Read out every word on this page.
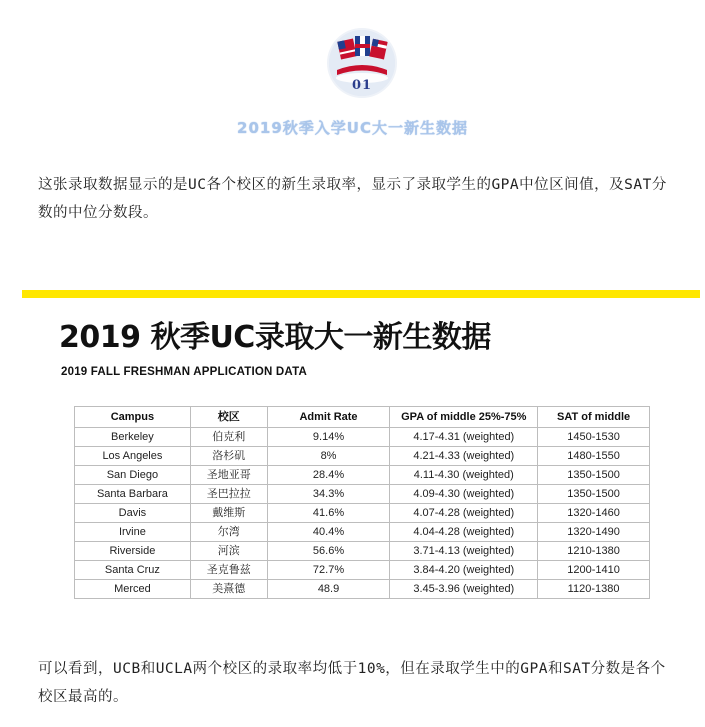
01
2019秋季入学UC大一新生数据
这张录取数据显示的是UC各个校区的新生录取率，显示了录取学生的GPA中位区间值，及SAT分数的中位分数段。
2019 秋季UC录取大一新生数据
2019 FALL FRESHMAN APPLICATION DATA
Campus	校区	Admit Rate	GPA of middle 25%-75%	SAT of middle
Berkeley	伯克利	9.14%	4.17-4.31 (weighted)	1450-1530
Los Angeles	洛杉矶	8%	4.21-4.33 (weighted)	1480-1550
San Diego	圣地亚哥	28.4%	4.11-4.30 (weighted)	1350-1500
Santa Barbara	圣巴拉拉	34.3%	4.09-4.30 (weighted)	1350-1500
Davis	戴维斯	41.6%	4.07-4.28 (weighted)	1320-1460
Irvine	尔湾	40.4%	4.04-4.28 (weighted)	1320-1490
Riverside	河滨	56.6%	3.71-4.13 (weighted)	1210-1380
Santa Cruz	圣克鲁兹	72.7%	3.84-4.20 (weighted)	1200-1410
Merced	美熹德	48.9	3.45-3.96 (weighted)	1120-1380
可以看到，UCB和UCLA两个校区的录取率均低于10%，但在录取学生中的GPA和SAT分数是各个校区最高的。
